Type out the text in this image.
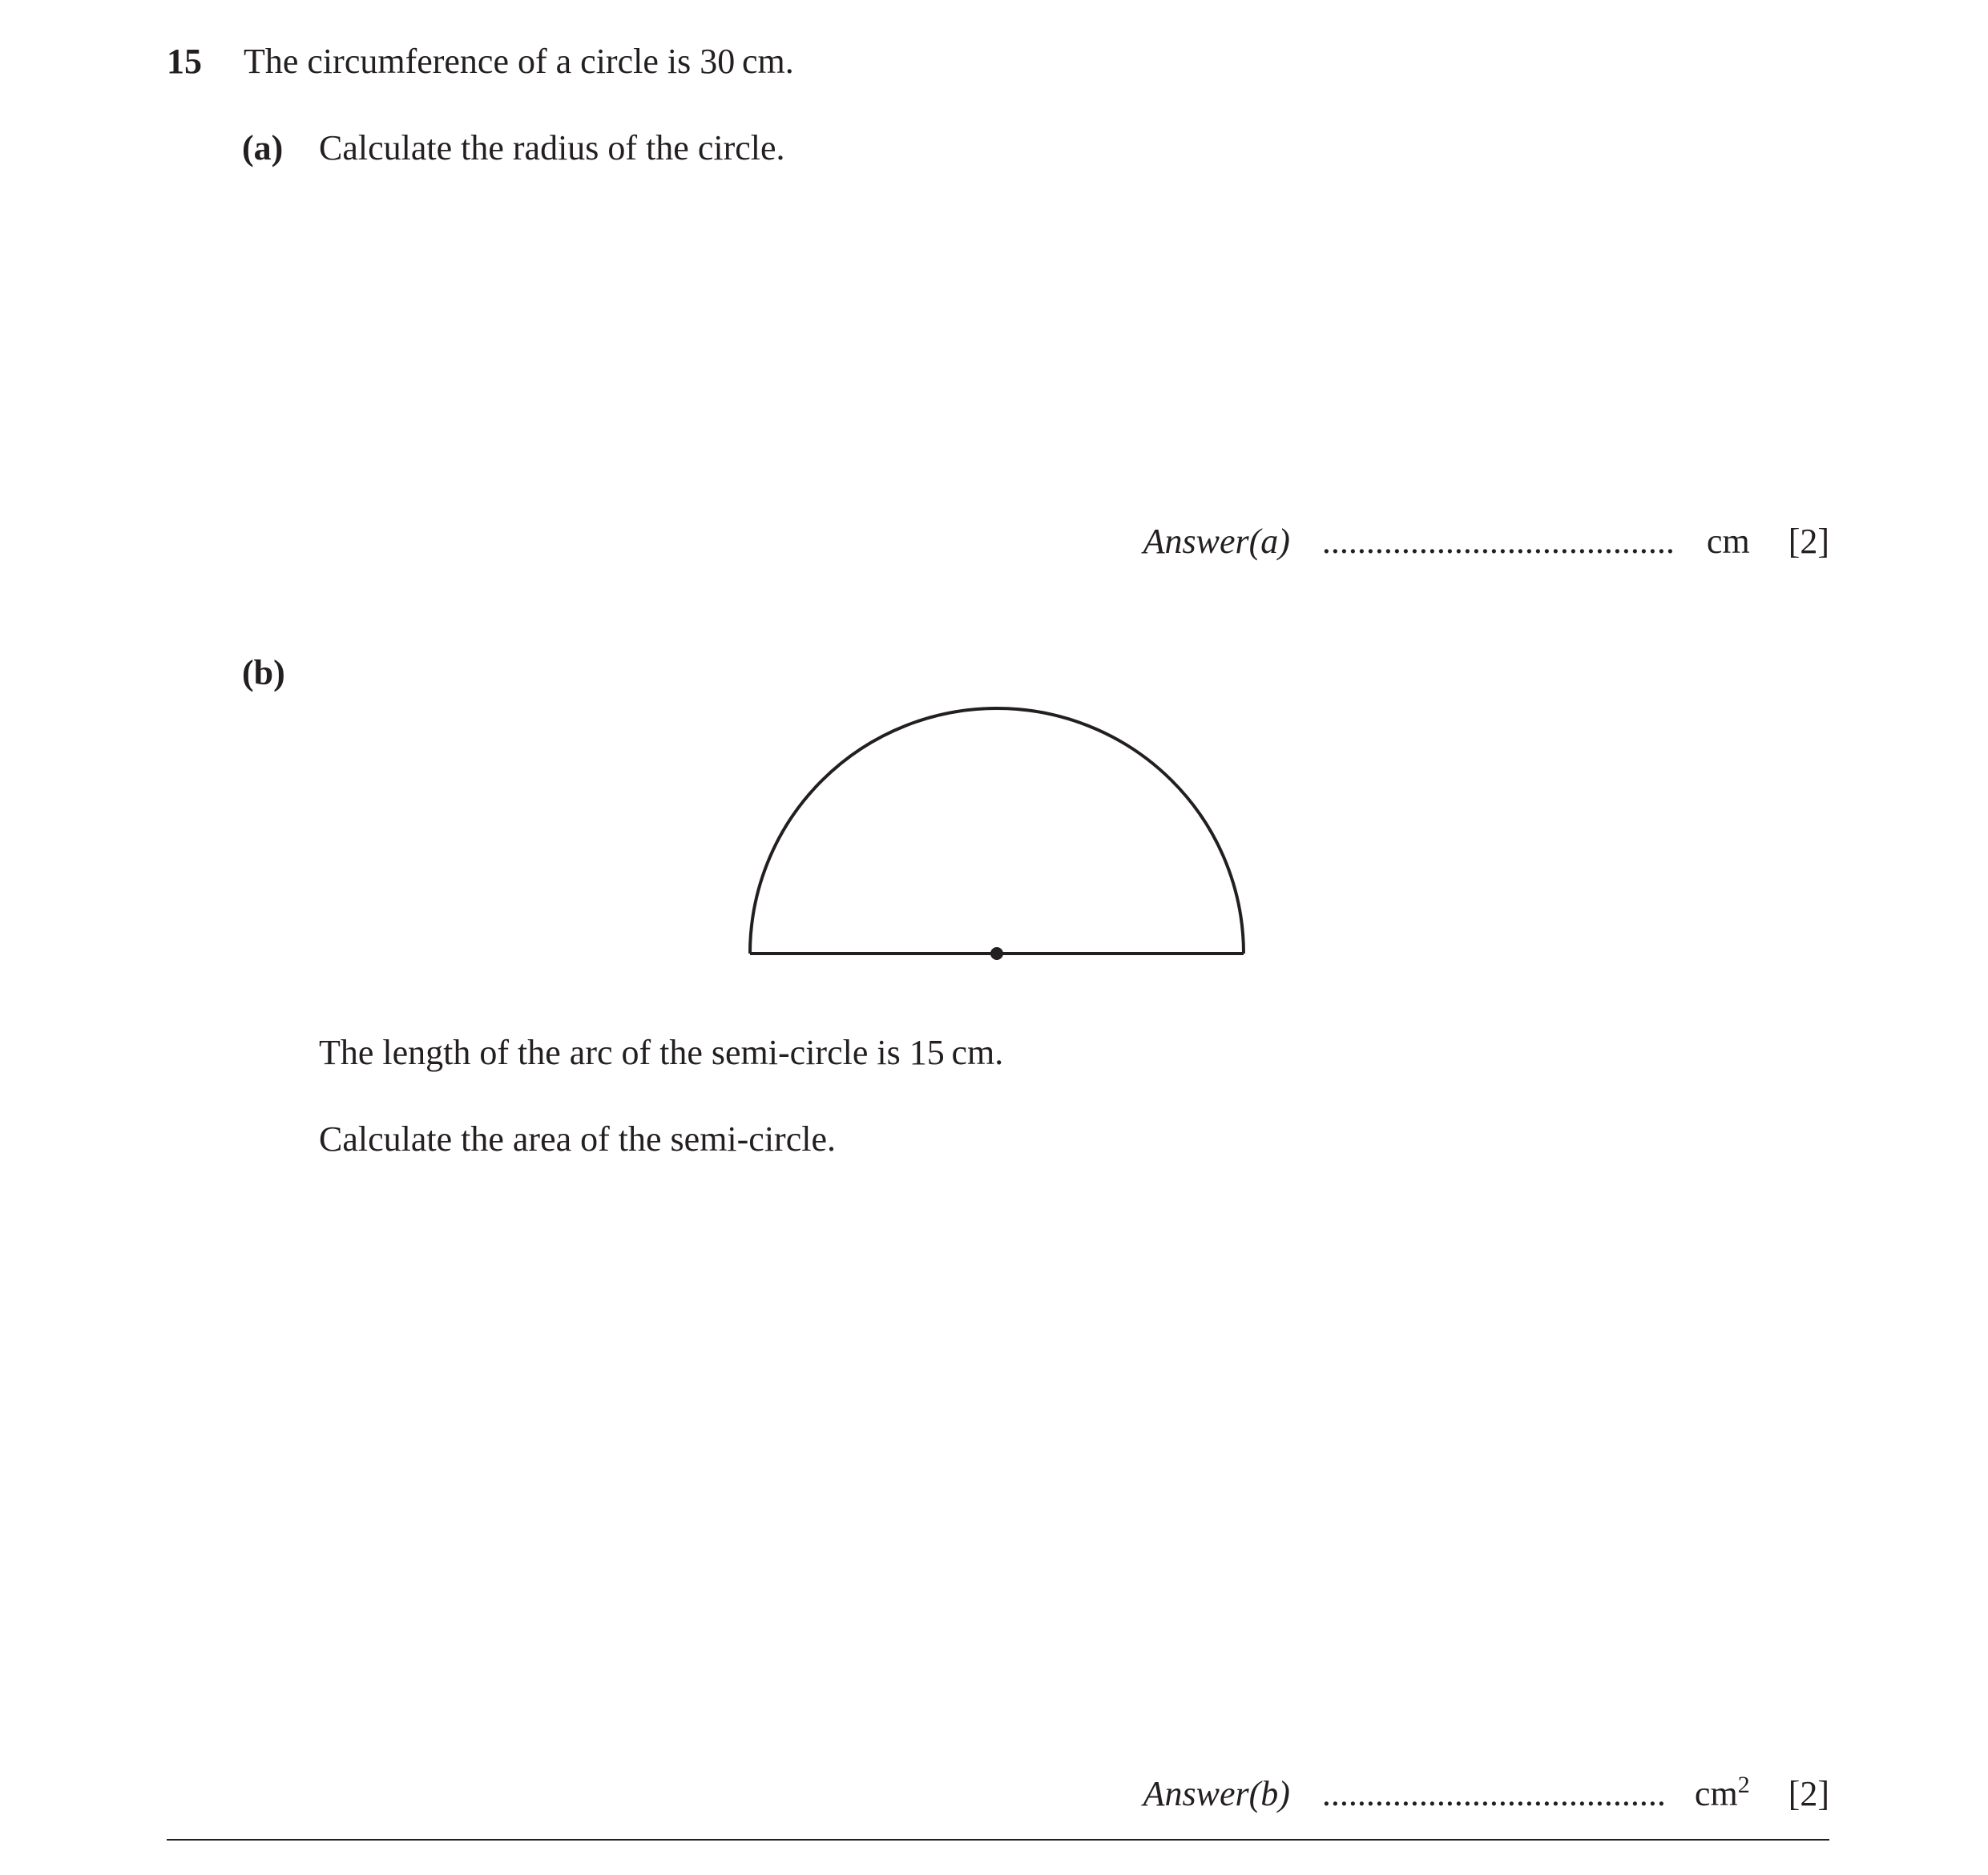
15 The circumference of a circle is 30 cm.
(a) Calculate the radius of the circle.
Answer(a) ........................................ cm [2]
(b)
The length of the arc of the semi-circle is 15 cm.
Calculate the area of the semi-circle.
Answer(b) ....................................... $cm^2$ [2]
